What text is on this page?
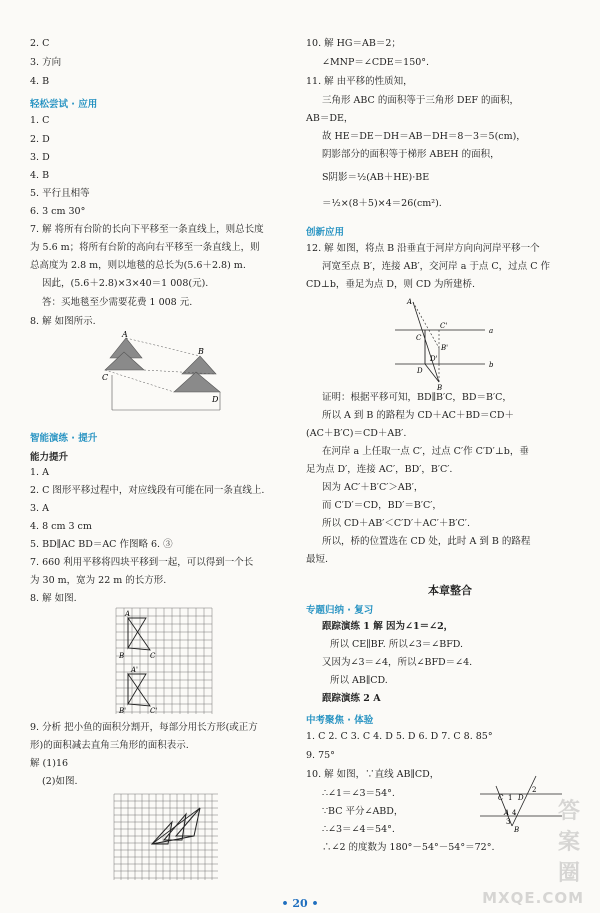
2. C
3. 方向
4. B
轻松尝试 · 应用
1. C
2. D
3. D
4. B
5. 平行且相等
6. 3 cm 30°
7. 解 将所有台阶的长向下平移至一条直线上，则总长度
为 5.6 m；将所有台阶的高向右平移至一条直线上，则
总高度为 2.8 m，则以地毯的总长为(5.6＋2.8) m.
因此，(5.6＋2.8)×3×40＝1 008(元).
答：买地毯至少需要花费 1 008 元.
8. 解 如图所示.
A
B
C
D
智能演练 · 提升
能力提升
1. A
2. C 图形平移过程中，对应线段有可能在同一条直线上.
3. A
4. 8 cm 3 cm
5. BD∥AC BD＝AC 作图略 6. ③
7. 660 利用平移将四块平移到一起，可以得到一个长
为 30 m，宽为 22 m 的长方形.
8. 解 如图.
A
B	C
A'
B'	C'
9. 分析 把小鱼的面积分割开，每部分用长方形(或正方
形)的面积减去直角三角形的面积表示.
解 (1)16
(2)如图.
10. 解 HG＝AB＝2；
∠MNP＝∠CDE＝150°.
11. 解 由平移的性质知，
三角形 ABC 的面积等于三角形 DEF 的面积，
AB＝DE，
故 HE＝DE－DH＝AB－DH＝8－3＝5(cm)，
阴影部分的面积等于梯形 ABEH 的面积，
S阴影＝½(AB＋HE)·BE
＝½×(8＋5)×4＝26(cm²).
创新应用
12. 解 如图，将点 B 沿垂直于河岸方向向河岸平移一个
河宽至点 B′，连接 AB′，交河岸 a 于点 C，过点 C 作
CD⊥b，垂足为点 D，则 CD 为所建桥.
A
C
C'
a
B'
D
D'
b
B
证明：根据平移可知，BD∥B′C，BD＝B′C，
所以 A 到 B 的路程为 CD＋AC＋BD＝CD＋
(AC＋B′C)＝CD＋AB′.
在河岸 a 上任取一点 C′，过点 C′作 C′D′⊥b，垂
足为点 D′，连接 AC′，BD′，B′C′.
因为 AC′＋B′C′＞AB′，
而 C′D′＝CD，BD′＝B′C′，
所以 CD＋AB′＜C′D′＋AC′＋B′C′.
所以，桥的位置选在 CD 处，此时 A 到 B 的路程
最短.
本章整合
专题归纳 · 复习
跟踪演练 1 解 因为∠1＝∠2，
所以 CE∥BF. 所以∠3＝∠BFD.
又因为∠3＝∠4，所以∠BFD＝∠4.
所以 AB∥CD.
跟踪演练 2 A
中考聚焦 · 体验
1. C 2. C 3. C 4. D 5. D 6. D 7. C 8. 85°
9. 75°
10. 解 如图，∵直线 AB∥CD，
∴∠1＝∠3＝54°.
∵BC 平分∠ABD，
∴∠3＝∠4＝54°.
∴∠2 的度数为 180°－54°－54°＝72°.
C 1 D
2
A 4
3
B
• 20 •
答案圈
MXQE.COM
